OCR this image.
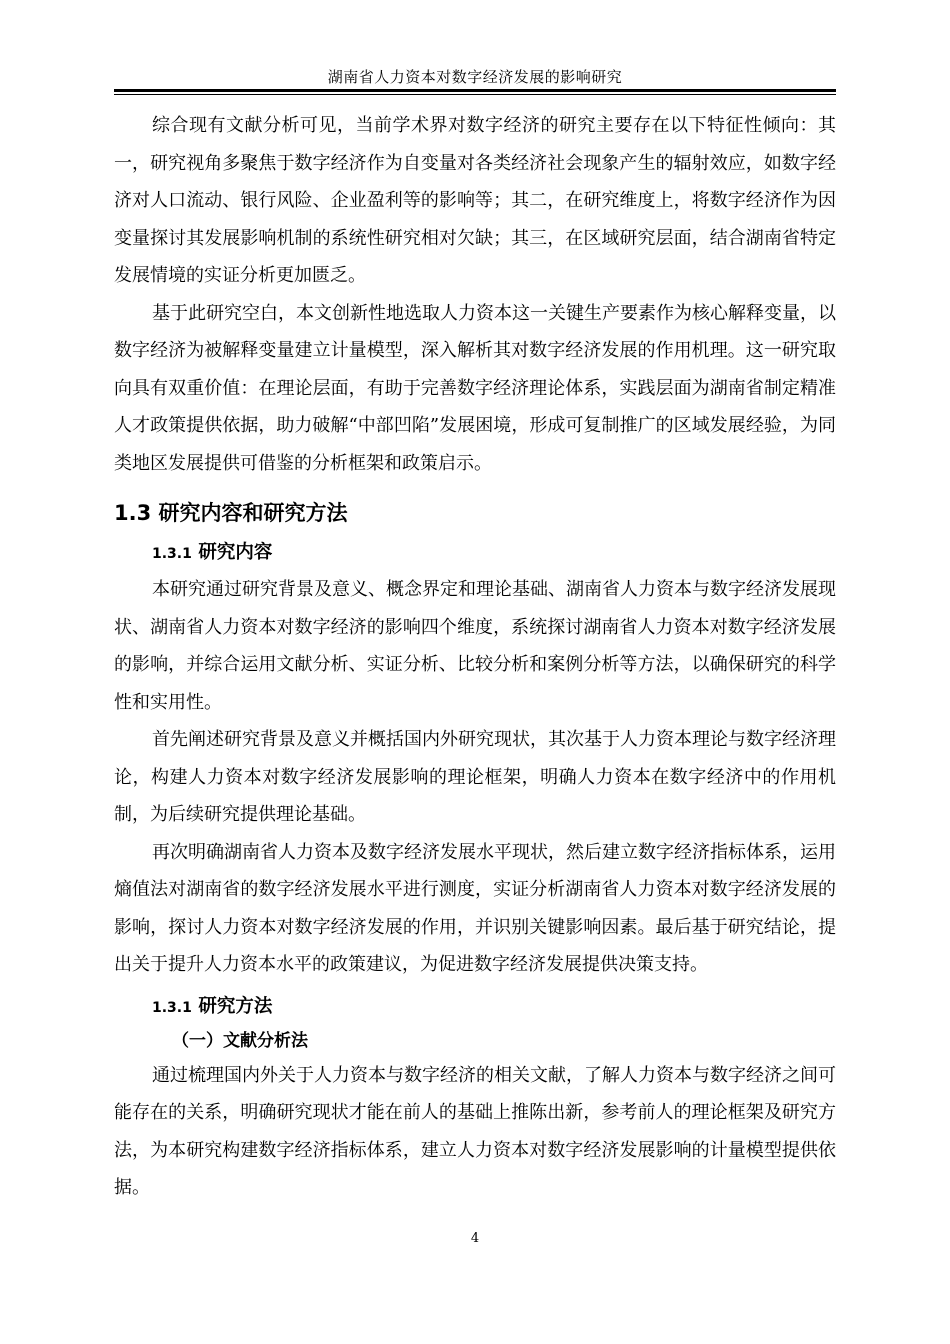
湖南省人力资本对数字经济发展的影响研究

综合现有文献分析可见，当前学术界对数字经济的研究主要存在以下特征性倾向：其一，研究视角多聚焦于数字经济作为自变量对各类经济社会现象产生的辐射效应，如数字经济对人口流动、银行风险、企业盈利等的影响等；其二，在研究维度上，将数字经济作为因变量探讨其发展影响机制的系统性研究相对欠缺；其三，在区域研究层面，结合湖南省特定发展情境的实证分析更加匮乏。

基于此研究空白，本文创新性地选取人力资本这一关键生产要素作为核心解释变量，以数字经济为被解释变量建立计量模型，深入解析其对数字经济发展的作用机理。这一研究取向具有双重价值：在理论层面，有助于完善数字经济理论体系，实践层面为湖南省制定精准人才政策提供依据，助力破解“中部凹陷”发展困境，形成可复制推广的区域发展经验，为同类地区发展提供可借鉴的分析框架和政策启示。

1.3 研究内容和研究方法
1.3.1 研究内容

本研究通过研究背景及意义、概念界定和理论基础、湖南省人力资本与数字经济发展现状、湖南省人力资本对数字经济的影响四个维度，系统探讨湖南省人力资本对数字经济发展的影响，并综合运用文献分析、实证分析、比较分析和案例分析等方法，以确保研究的科学性和实用性。

首先阐述研究背景及意义并概括国内外研究现状，其次基于人力资本理论与数字经济理论，构建人力资本对数字经济发展影响的理论框架，明确人力资本在数字经济中的作用机制，为后续研究提供理论基础。

再次明确湖南省人力资本及数字经济发展水平现状，然后建立数字经济指标体系，运用熵值法对湖南省的数字经济发展水平进行测度，实证分析湖南省人力资本对数字经济发展的影响，探讨人力资本对数字经济发展的作用，并识别关键影响因素。最后基于研究结论，提出关于提升人力资本水平的政策建议，为促进数字经济发展提供决策支持。

1.3.1 研究方法
（一）文献分析法

通过梳理国内外关于人力资本与数字经济的相关文献，了解人力资本与数字经济之间可能存在的关系，明确研究现状才能在前人的基础上推陈出新，参考前人的理论框架及研究方法，为本研究构建数字经济指标体系，建立人力资本对数字经济发展影响的计量模型提供依据。

4
